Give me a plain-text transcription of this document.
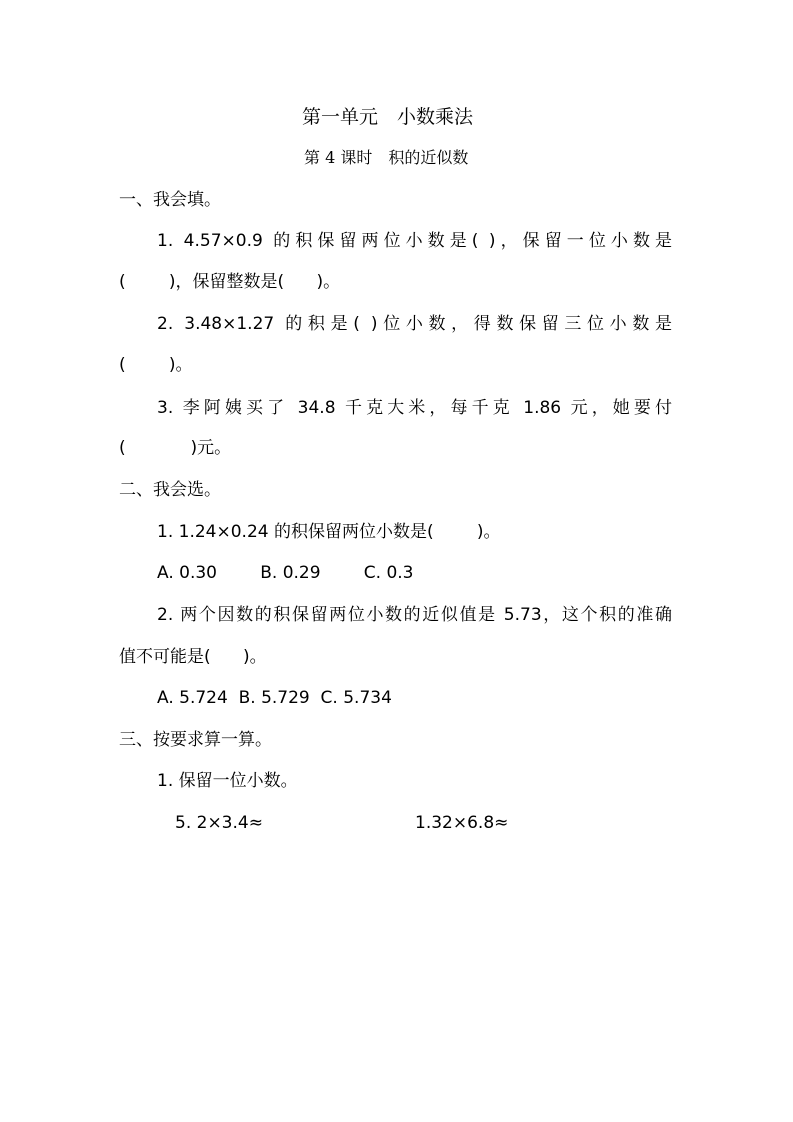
第一单元　小数乘法
第 4 课时　积的近似数
一、我会填。
1. 4.57×0.9 的积保留两位小数是( )，保留一位小数是
(        )，保留整数是(      )。
2. 3.48×1.27 的积是( )位小数，得数保留三位小数是
(        )。
3. 李阿姨买了 34.8 千克大米，每千克 1.86 元，她要付
(            )元。
二、我会选。
1. 1.24×0.24 的积保留两位小数是(        )。
A. 0.30        B. 0.29        C. 0.3
2. 两个因数的积保留两位小数的近似值是 5.73，这个积的准确
值不可能是(      )。
A. 5.724  B. 5.729  C. 5.734
三、按要求算一算。
1. 保留一位小数。
5. 2×3.4≈	1.32×6.8≈
